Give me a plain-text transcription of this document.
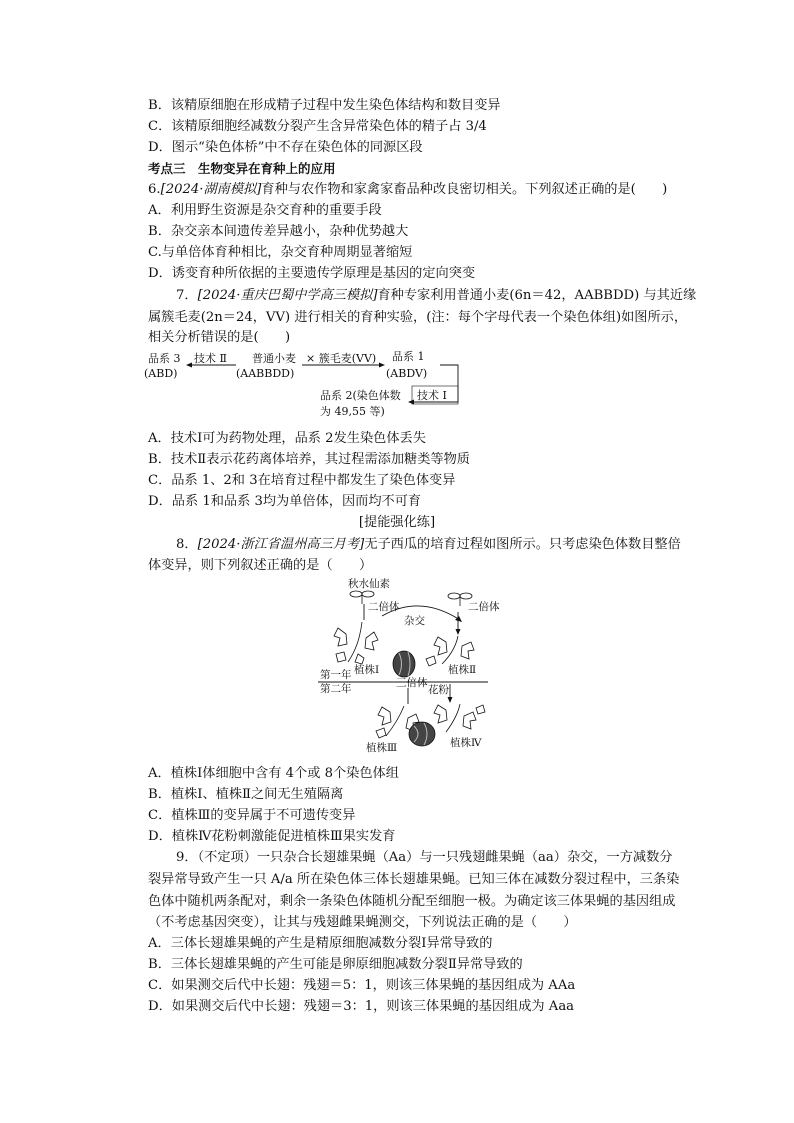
B．该精原细胞在形成精子过程中发生染色体结构和数目变异
C．该精原细胞经减数分裂产生含异常染色体的精子占 3/4
D．图示“染色体桥”中不存在染色体的同源区段
考点三　生物变异在育种上的应用
6.[2024·湖南模拟]育种与农作物和家禽家畜品种改良密切相关。下列叙述正确的是(　　)
A．利用野生资源是杂交育种的重要手段
B．杂交亲本间遗传差异越小，杂种优势越大
C.与单倍体育种相比，杂交育种周期显著缩短
D．诱变育种所依据的主要遗传学原理是基因的定向突变
7．[2024·重庆巴蜀中学高三模拟]育种专家利用普通小麦(6n＝42，AABBDD) 与其近缘
属簇毛麦(2n＝24，VV) 进行相关的育种实验，(注：每个字母代表一个染色体组)如图所示，
相关分析错误的是(　　)
品系 3
(ABD)
技术 Ⅱ 普通小麦
(AABBDD)
× 簇毛麦(VV) 品系 1
(ABDV)
品系 2(染色体数
为 49,55 等)
技术 Ⅰ
A．技术Ⅰ可为药物处理，品系 2发生染色体丢失
B．技术Ⅱ表示花药离体培养，其过程需添加糖类等物质
C．品系 1、2和 3在培育过程中都发生了染色体变异
D．品系 1和品系 3均为单倍体，因而均不可育
[提能强化练]
8．[2024·浙江省温州高三月考]无子西瓜的培育过程如图所示。只考虑染色体数目整倍
体变异，则下列叙述正确的是（　　）
秋水仙素
二倍体
杂交
二倍体
植株Ⅰ	植株Ⅱ
第一年
第二年	三倍体
花粉
植株Ⅲ	植株Ⅳ
A．植株Ⅰ体细胞中含有 4个或 8个染色体组
B．植株Ⅰ、植株Ⅱ之间无生殖隔离
C．植株Ⅲ的变异属于不可遗传变异
D．植株Ⅳ花粉刺激能促进植株Ⅲ果实发育
9．（不定项）一只杂合长翅雄果蝇（Aa）与一只残翅雌果蝇（aa）杂交，一方减数分
裂异常导致产生一只 A/a 所在染色体三体长翅雄果蝇。已知三体在减数分裂过程中，三条染
色体中随机两条配对，剩余一条染色体随机分配至细胞一极。为确定该三体果蝇的基因组成
（不考虑基因突变），让其与残翅雌果蝇测交，下列说法正确的是（　　）
A．三体长翅雄果蝇的产生是精原细胞减数分裂Ⅰ异常导致的
B．三体长翅雄果蝇的产生可能是卵原细胞减数分裂Ⅱ异常导致的
C．如果测交后代中长翅：残翅＝5：1，则该三体果蝇的基因组成为 AAa
D．如果测交后代中长翅：残翅＝3：1，则该三体果蝇的基因组成为 Aaa
